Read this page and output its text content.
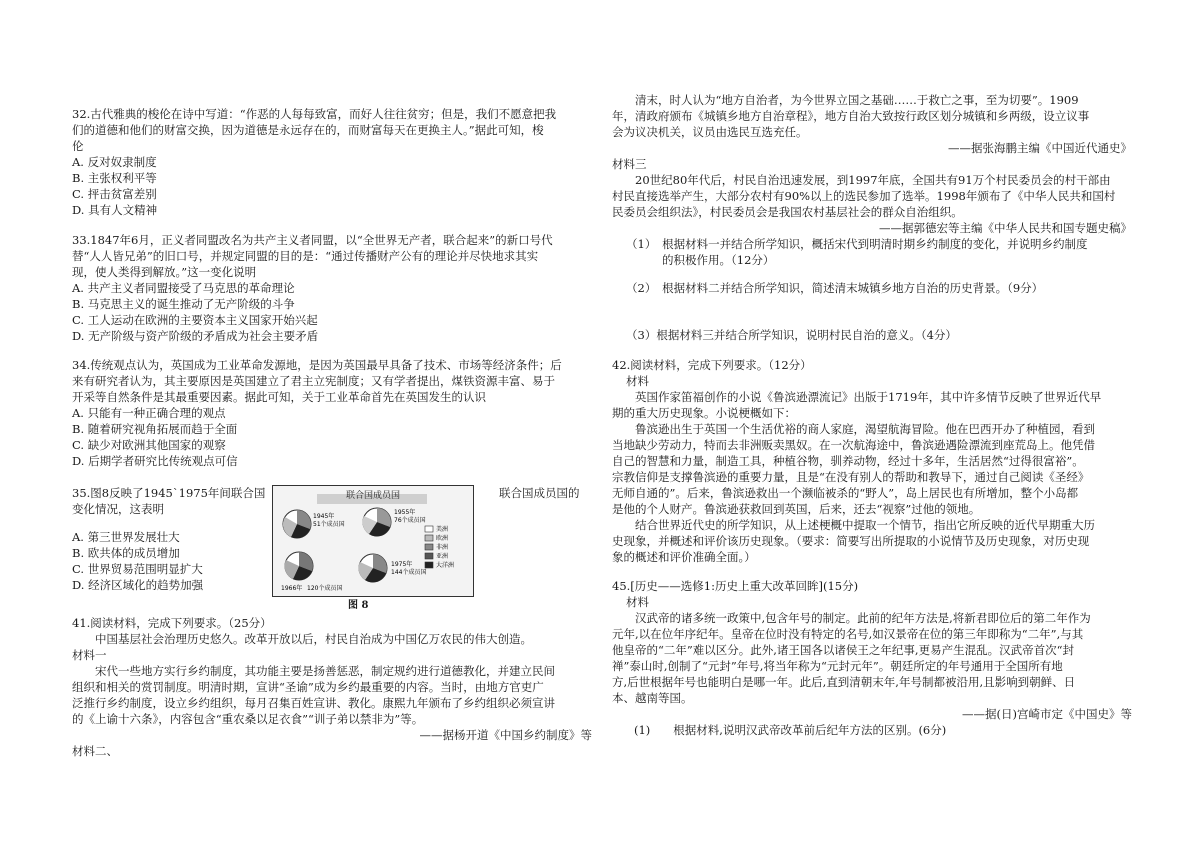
32.古代雅典的梭伦在诗中写道：“作恶的人每每致富，而好人往往贫穷；但是，我们不愿意把我

们的道德和他们的财富交换，因为道德是永远存在的，而财富每天在更换主人。”据此可知，梭

伦

A. 反对奴隶制度

B. 主张权利平等

C. 抨击贫富差别

D. 具有人文精神

33.1847年6月，正义者同盟改名为共产主义者同盟，以“全世界无产者，联合起来”的新口号代

替“人人皆兄弟”的旧口号，并规定同盟的目的是：“通过传播财产公有的理论并尽快地求其实

现，使人类得到解放。”这一变化说明

A. 共产主义者同盟接受了马克思的革命理论

B. 马克思主义的诞生推动了无产阶级的斗争

C. 工人运动在欧洲的主要资本主义国家开始兴起

D. 无产阶级与资产阶级的矛盾成为社会主要矛盾

34.传统观点认为，英国成为工业革命发源地，是因为英国最早具备了技术、市场等经济条件；后

来有研究者认为，其主要原因是英国建立了君主立宪制度；又有学者提出，煤铁资源丰富、易于

开采等自然条件是其最重要因素。据此可知，关于工业革命首先在英国发生的认识

A. 只能有一种正确合理的观点

B. 随着研究视角拓展而趋于全面

C. 缺少对欧洲其他国家的观察

D. 后期学者研究比传统观点可信

35.图8反映了1945`1975年间联合国

变化情况，这表明

A. 第三世界发展壮大

B. 欧共体的成员增加

C. 世界贸易范围明显扩大

D. 经济区域化的趋势加强

联合国成员国的
1945年
51个成员国
1955年
76个成员国
1966年 120个成员国
1975年
144个成员国
美洲
欧洲
非洲
亚洲
大洋洲
联合国成员国
图 8

41.阅读材料，完成下列要求。（25分）

中国基层社会治理历史悠久。改革开放以后，村民自治成为中国亿万农民的伟大创造。

材料一

宋代一些地方实行乡约制度，其功能主要是扬善惩恶，制定规约进行道德教化，并建立民间

组织和相关的赏罚制度。明清时期，宣讲“圣谕”成为乡约最重要的内容。当时，由地方官吏广

泛推行乡约制度，设立乡约组织，每月召集百姓宣讲、教化。康熙九年颁布了乡约组织必须宣讲

的《上谕十六条》，内容包含“重农桑以足衣食”“训子弟以禁非为”等。

——据杨开道《中国乡约制度》等

材料二、

清末，时人认为“地方自治者，为今世界立国之基础……于救亡之事，至为切要”。1909

年，清政府颁布《城镇乡地方自治章程》，地方自治大致按行政区划分城镇和乡两级，设立议事

会为议决机关，议员由选民互选充任。

——据张海鹏主编《中国近代通史》

材料三

20世纪80年代后，村民自治迅速发展，到1997年底，全国共有91万个村民委员会的村干部由

村民直接选举产生，大部分农村有90%以上的选民参加了选举。1998年颁布了《中华人民共和国村

民委员会组织法》，村民委员会是我国农村基层社会的群众自治组织。

——据郭德宏等主编《中华人民共和国专题史稿》

（1）　根据材料一并结合所学知识，概括宋代到明清时期乡约制度的变化，并说明乡约制度

的积极作用。（12分）

（2）　根据材料二并结合所学知识，简述清末城镇乡地方自治的历史背景。（9分）

（3）根据材料三并结合所学知识，说明村民自治的意义。（4分）

42.阅读材料，完成下列要求。（12分）

材料

英国作家笛福创作的小说《鲁滨逊漂流记》出版于1719年，其中许多情节反映了世界近代早

期的重大历史现象。小说梗概如下：

鲁滨逊出生于英国一个生活优裕的商人家庭，渴望航海冒险。他在巴西开办了种植园，看到

当地缺少劳动力，特而去非洲贩卖黑奴。在一次航海途中，鲁滨逊遇险漂流到座荒岛上。他凭借

自己的智慧和力量，制造工具，种植谷物，驯养动物，经过十多年，生活居然“过得很富裕”。

宗教信仰是支撑鲁滨逊的重要力量，且是“在没有别人的帮助和教导下，通过自己阅读《圣经》

无师自通的”。后来，鲁滨逊救出一个濒临被杀的“野人”，岛上居民也有所增加，整个小岛都

是他的个人财产。鲁滨逊获救回到英国，后来，还去“视察”过他的领地。

结合世界近代史的所学知识，从上述梗概中提取一个情节，指出它所反映的近代早期重大历

史现象，并概述和评价该历史现象。（要求：简要写出所提取的小说情节及历史现象，对历史现

象的概述和评价准确全面。）

45.[历史——选修1:历史上重大改革回眸](15分)

材料

汉武帝的诸多统一政策中,包含年号的制定。此前的纪年方法是,将新君即位后的第二年作为

元年,以在位年序纪年。皇帝在位时没有特定的名号,如汉景帝在位的第三年即称为“二年”,与其

他皇帝的“二年”难以区分。此外,诸王国各以诸侯王之年纪事,更易产生混乱。汉武帝首次“封

禅”泰山时,创制了“元封”年号,将当年称为“元封元年”。朝廷所定的年号通用于全国所有地

方,后世根据年号也能明白是哪一年。此后,直到清朝末年,年号制都被沿用,且影响到朝鲜、日

本、越南等国。

——据(日)宫崎市定《中国史》等

(1)　　根据材料,说明汉武帝改革前后纪年方法的区别。(6分)
